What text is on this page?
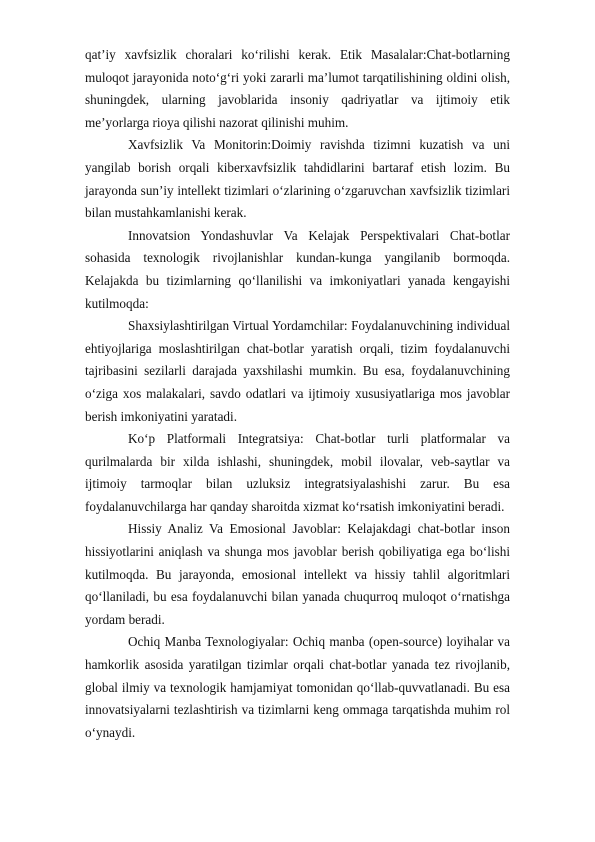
qat’iy xavfsizlik choralari ko‘rilishi kerak. Etik Masalalar:Chat-botlarning muloqot jarayonida noto‘g‘ri yoki zararli ma’lumot tarqatilishining oldini olish, shuningdek, ularning javoblarida insoniy qadriyatlar va ijtimoiy etik me’yorlarga rioya qilishi nazorat qilinishi muhim.

Xavfsizlik Va Monitorin:Doimiy ravishda tizimni kuzatish va uni yangilab borish orqali kiberxavfsizlik tahdidlarini bartaraf etish lozim. Bu jarayonda sun’iy intellekt tizimlari o‘zlarining o‘zgaruvchan xavfsizlik tizimlari bilan mustahkamlanishi kerak.

Innovatsion Yondashuvlar Va Kelajak Perspektivalari Chat-botlar sohasida texnologik rivojlanishlar kundan-kunga yangilanib bormoqda. Kelajakda bu tizimlarning qo‘llanilishi va imkoniyatlari yanada kengayishi kutilmoqda:

Shaxsiylashtirilgan Virtual Yordamchilar: Foydalanuvchining individual ehtiyojlariga moslashtirilgan chat-botlar yaratish orqali, tizim foydalanuvchi tajribasini sezilarli darajada yaxshilashi mumkin. Bu esa, foydalanuvchining o‘ziga xos malakalari, savdo odatlari va ijtimoiy xususiyatlariga mos javoblar berish imkoniyatini yaratadi.

Ko‘p Platformali Integratsiya: Chat-botlar turli platformalar va qurilmalarda bir xilda ishlashi, shuningdek, mobil ilovalar, veb-saytlar va ijtimoiy tarmoqlar bilan uzluksiz integratsiyalashishi zarur. Bu esa foydalanuvchilarga har qanday sharoitda xizmat ko‘rsatish imkoniyatini beradi.

Hissiy Analiz Va Emosional Javoblar: Kelajakdagi chat-botlar inson hissiyotlarini aniqlash va shunga mos javoblar berish qobiliyatiga ega bo‘lishi kutilmoqda. Bu jarayonda, emosional intellekt va hissiy tahlil algoritmlari qo‘llaniladi, bu esa foydalanuvchi bilan yanada chuqurroq muloqot o‘rnatishga yordam beradi.

Ochiq Manba Texnologiyalar: Ochiq manba (open-source) loyihalar va hamkorlik asosida yaratilgan tizimlar orqali chat-botlar yanada tez rivojlanib, global ilmiy va texnologik hamjamiyat tomonidan qo‘llab-quvvatlanadi. Bu esa innovatsiyalarni tezlashtirish va tizimlarni keng ommaga tarqatishda muhim rol o‘ynaydi.
